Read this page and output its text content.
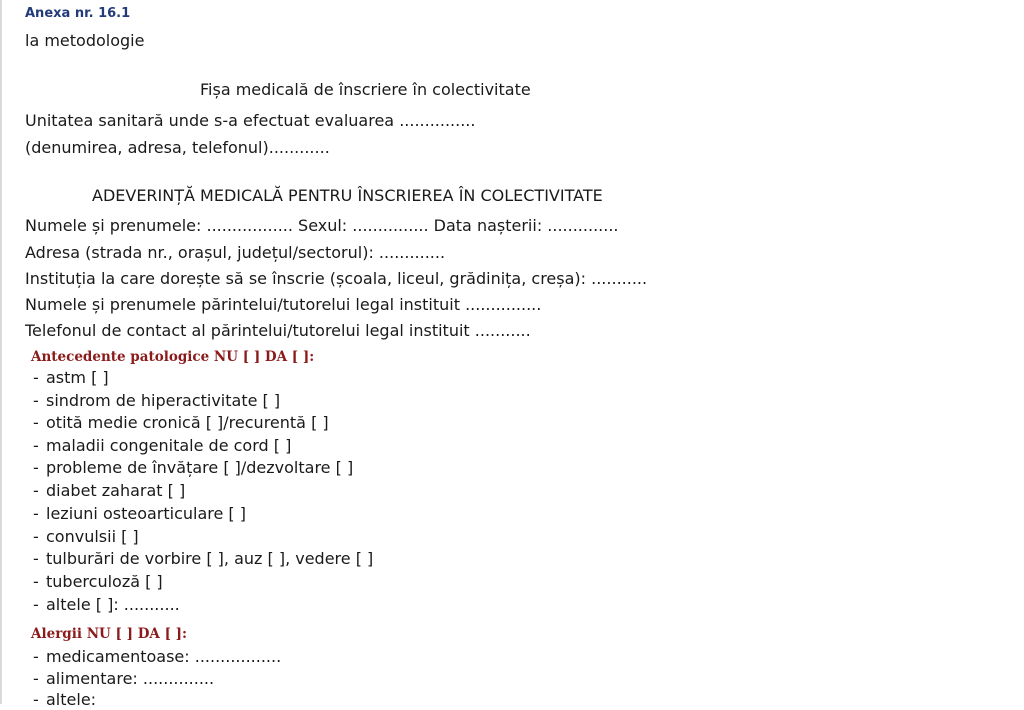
Anexa nr. 16.1
la metodologie
Fișa medicală de înscriere în colectivitate
Unitatea sanitară unde s-a efectuat evaluarea ...............
(denumirea, adresa, telefonul)............
ADEVERINȚĂ MEDICALĂ PENTRU ÎNSCRIEREA ÎN COLECTIVITATE
Numele și prenumele: ................. Sexul: ............... Data nașterii: ..............
Adresa (strada nr., orașul, județul/sectorul): .............
Instituția la care dorește să se înscrie (școala, liceul, grădinița, creșa): ...........
Numele și prenumele părintelui/tutorelui legal instituit ...............
Telefonul de contact al părintelui/tutorelui legal instituit ...........
Antecedente patologice NU [ ] DA [ ]:
- astm [ ]
- sindrom de hiperactivitate [ ]
- otită medie cronică [ ]/recurentă [ ]
- maladii congenitale de cord [ ]
- probleme de învățare [ ]/dezvoltare [ ]
- diabet zaharat [ ]
- leziuni osteoarticulare [ ]
- convulsii [ ]
- tulburări de vorbire [ ], auz [ ], vedere [ ]
- tuberculoză [ ]
- altele [ ]: ...........
Alergii NU [ ] DA [ ]:
- medicamentoase: .................
- alimentare: ..............
- altele:
